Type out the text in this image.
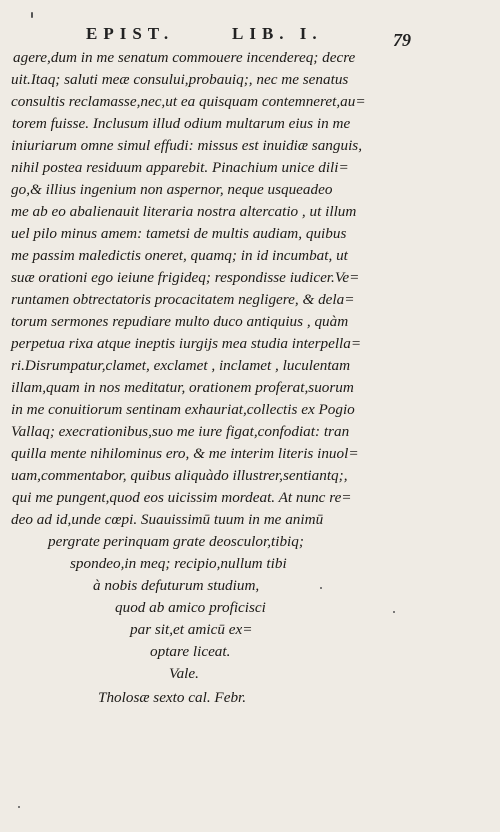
EPIST.	LIB. I.	79
agere,dum in me senatum commouere incendereq; decre
uit.Itaq; saluti meæ consului,probauiq;, nec me senatus
consultis reclamasse,nec,ut ea quisquam contemneret,au=
torem fuisse. Inclusum illud odium multarum eius in me
iniuriarum omne simul effudi: missus est inuidiæ sanguis,
nihil postea residuum apparebit. Pinachium unice dili=
go,& illius ingenium non aspernor, neque usqueadeo
me ab eo abalienauit literaria nostra altercatio , ut illum
uel pilo minus amem: tametsi de multis audiam, quibus
me passim maledictis oneret, quamq; in id incumbat, ut
suæ orationi ego ieiune frigideq; respondisse iudicer.Ve=
runtamen obtrectatoris procacitatem negligere, & dela=
torum sermones repudiare multo duco antiquius , quàm
perpetua rixa atque ineptis iurgijs mea studia interpella=
ri.Disrumpatur,clamet, exclamet , inclamet , luculentam
illam,quam in nos meditatur, orationem proferat,suorum
in me conuitiorum sentinam exhauriat,collectis ex Pogio
Vallaq; execrationibus,suo me iure figat,confodiat: tran
quilla mente nihilominus ero, & me interim literis inuol=
uam,commentabor, quibus aliquàdo illustrer,sentiantq;,
qui me pungent,quod eos uicissim mordeat. At nunc re=
deo ad id,unde cœpi. Suauissimū tuum in me animū
pergrate perinquam grate deosculor,tibiq;
spondeo,in meq; recipio,nullum tibi
à nobis defuturum studium,
quod ab amico proficisci
par sit,et amicū ex=
optare liceat.
Vale.
Tholosæ sexto cal. Febr.
